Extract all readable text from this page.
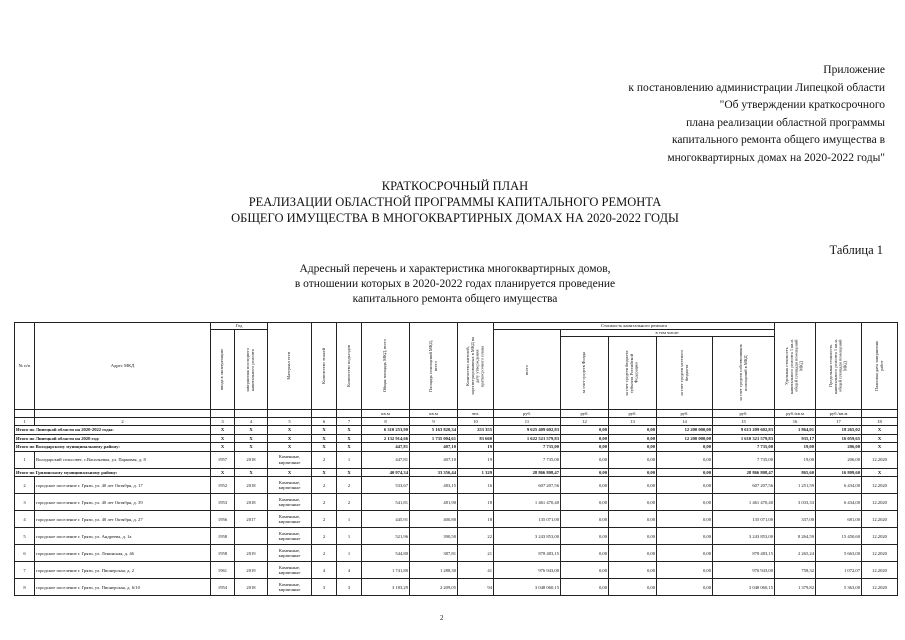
Приложение
к постановлению администрации Липецкой области
"Об утверждении краткосрочного
плана реализации областной программы
капитального ремонта общего имущества в
многоквартирных домах на 2020-2022 годы"
КРАТКОСРОЧНЫЙ ПЛАН
РЕАЛИЗАЦИИ ОБЛАСТНОЙ ПРОГРАММЫ КАПИТАЛЬНОГО РЕМОНТА
ОБЩЕГО ИМУЩЕСТВА В МНОГОКВАРТИРНЫХ ДОМАХ НА 2020-2022 ГОДЫ
Таблица 1
Адресный перечень и характеристика многоквартирных домов,
в отношении которых в 2020-2022 годах планируется проведение
капитального ремонта общего имущества
№ п/п	Адрес МКД	Год		Материал стен	Количество этажей	Количество подъездов	Общая площадь МКД, всего	Площадь помещений МКД, всего	Количество жителей, зарегистрированных в МКД на дату утверждения краткосрочного плана	Стоимость капитального ремонта					Удельная стоимость капитального ремонта 1 кв.м. общей площади помещений МКД	Предельная стоимость капитального ремонта 1 кв.м. общей площади помещений МКД	Плановая дата завершения работ

		ввода в эксплуатацию	завершения последнего капитального ремонта							всего	в том числе:						

											за счет средств Фонда	за счет средств бюджета субъекта Российской Федерации	за счет средств местного бюджета	за счет средств собственников помещений в МКД			

							кв.м	кв.м	чел.	руб.	руб.	руб.	руб.	руб.	руб./кв.м	руб./кв.м	
1	2	3	4	5	6	7	8	9	10	11	12	13	14	15	16	17	18
Итого по Липецкой области на 2020-2022 годы:		X	X	X	X	X	6 310 253,90	5 163 820,34	253 355	9 625 409 602,83	0,00	0,00	12 200 000,00	9 613 209 602,83	1 864,01	18 265,02	X
Итого по Липецкой области на 2020 год:		X	X	X	X	X	2 132 914,66	1 735 004,61	83 660	1 622 521 579,83	0,00	0,00	12 200 000,00	1 610 321 579,83	935,17	16 059,65	X
Итого по Володарскому муниципальному району:		X	X	X	X	X	447,81	407,10	19	7 735,00	0,00	0,00	0,00	7 735,00	19,00	206,00	X
1	Володарский сельсовет, с.Васильевка, ул. Парковая, д. 8	1957	2018	Каменные, кирпичные	2	1	447,81	407,10	19	7 735,00	0,00	0,00	0,00	7 735,00	19,00	206,00	12.2020
Итого по Грязинскому муниципальному району:		X	X	X	X	X	40 974,34	33 356,44	1 329	28 866 808,47	0,00	0,00	0,00	28 866 808,47	865,60	16 809,60	X
2	городское поселение г. Грязи, ул. 40 лет Октября, д. 17	1952	2018	Каменные, кирпичные	2	2	533,67	483,15	16	607 207,56	0,00	0,00	0,00	607 207,56	1 251,59	6 434,00	12.2020
3	городское поселение г. Грязи, ул. 40 лет Октября, д. 39	1953	2018	Каменные, кирпичные	2	2	541,81	481,90	18	1 461 470,40	0,00	0,00	0,00	1 461 470,40	3 033,33	6 434,00	12.2020
4	городское поселение г. Грязи, ул. 40 лет Октября, д. 27	1956	2017	Каменные, кирпичные	2	1	445,91	400,80	18	135 071,00	0,00	0,00	0,00	135 071,00	337,00	681,00	12.2020
5	городское поселение г. Грязи, ул. Андреева, д. 1а	1958		Каменные, кирпичные	2	1	521,96	390,50	22	3 243 853,00	0,00	0,00	0,00	3 243 853,00	8 264,59	15 450,60	12.2020
6	городское поселение г. Грязи, ул. Ленинская, д. 46	1958	2019	Каменные, кирпичные	2	1	544,80	387,81	21	878 483,15	0,00	0,00	0,00	878 483,15	2 265,24	5 663,00	12.2020
7	городское поселение г. Грязи, ул. Пионерская, д. 2	1961	2019	Каменные, кирпичные	4	4	1 741,80	1 288,30	41	976 943,00	0,00	0,00	0,00	976 943,00	758,32	1 072,07	12.2020
8	городское поселение г. Грязи, ул. Пионерская, д. 6/10	1954	2018	Каменные, кирпичные	3	3	3 183,29	2 209,05	94	3 048 060,15	0,00	0,00	0,00	3 048 060,15	1 379,82	5 363,00	12.2020
2
